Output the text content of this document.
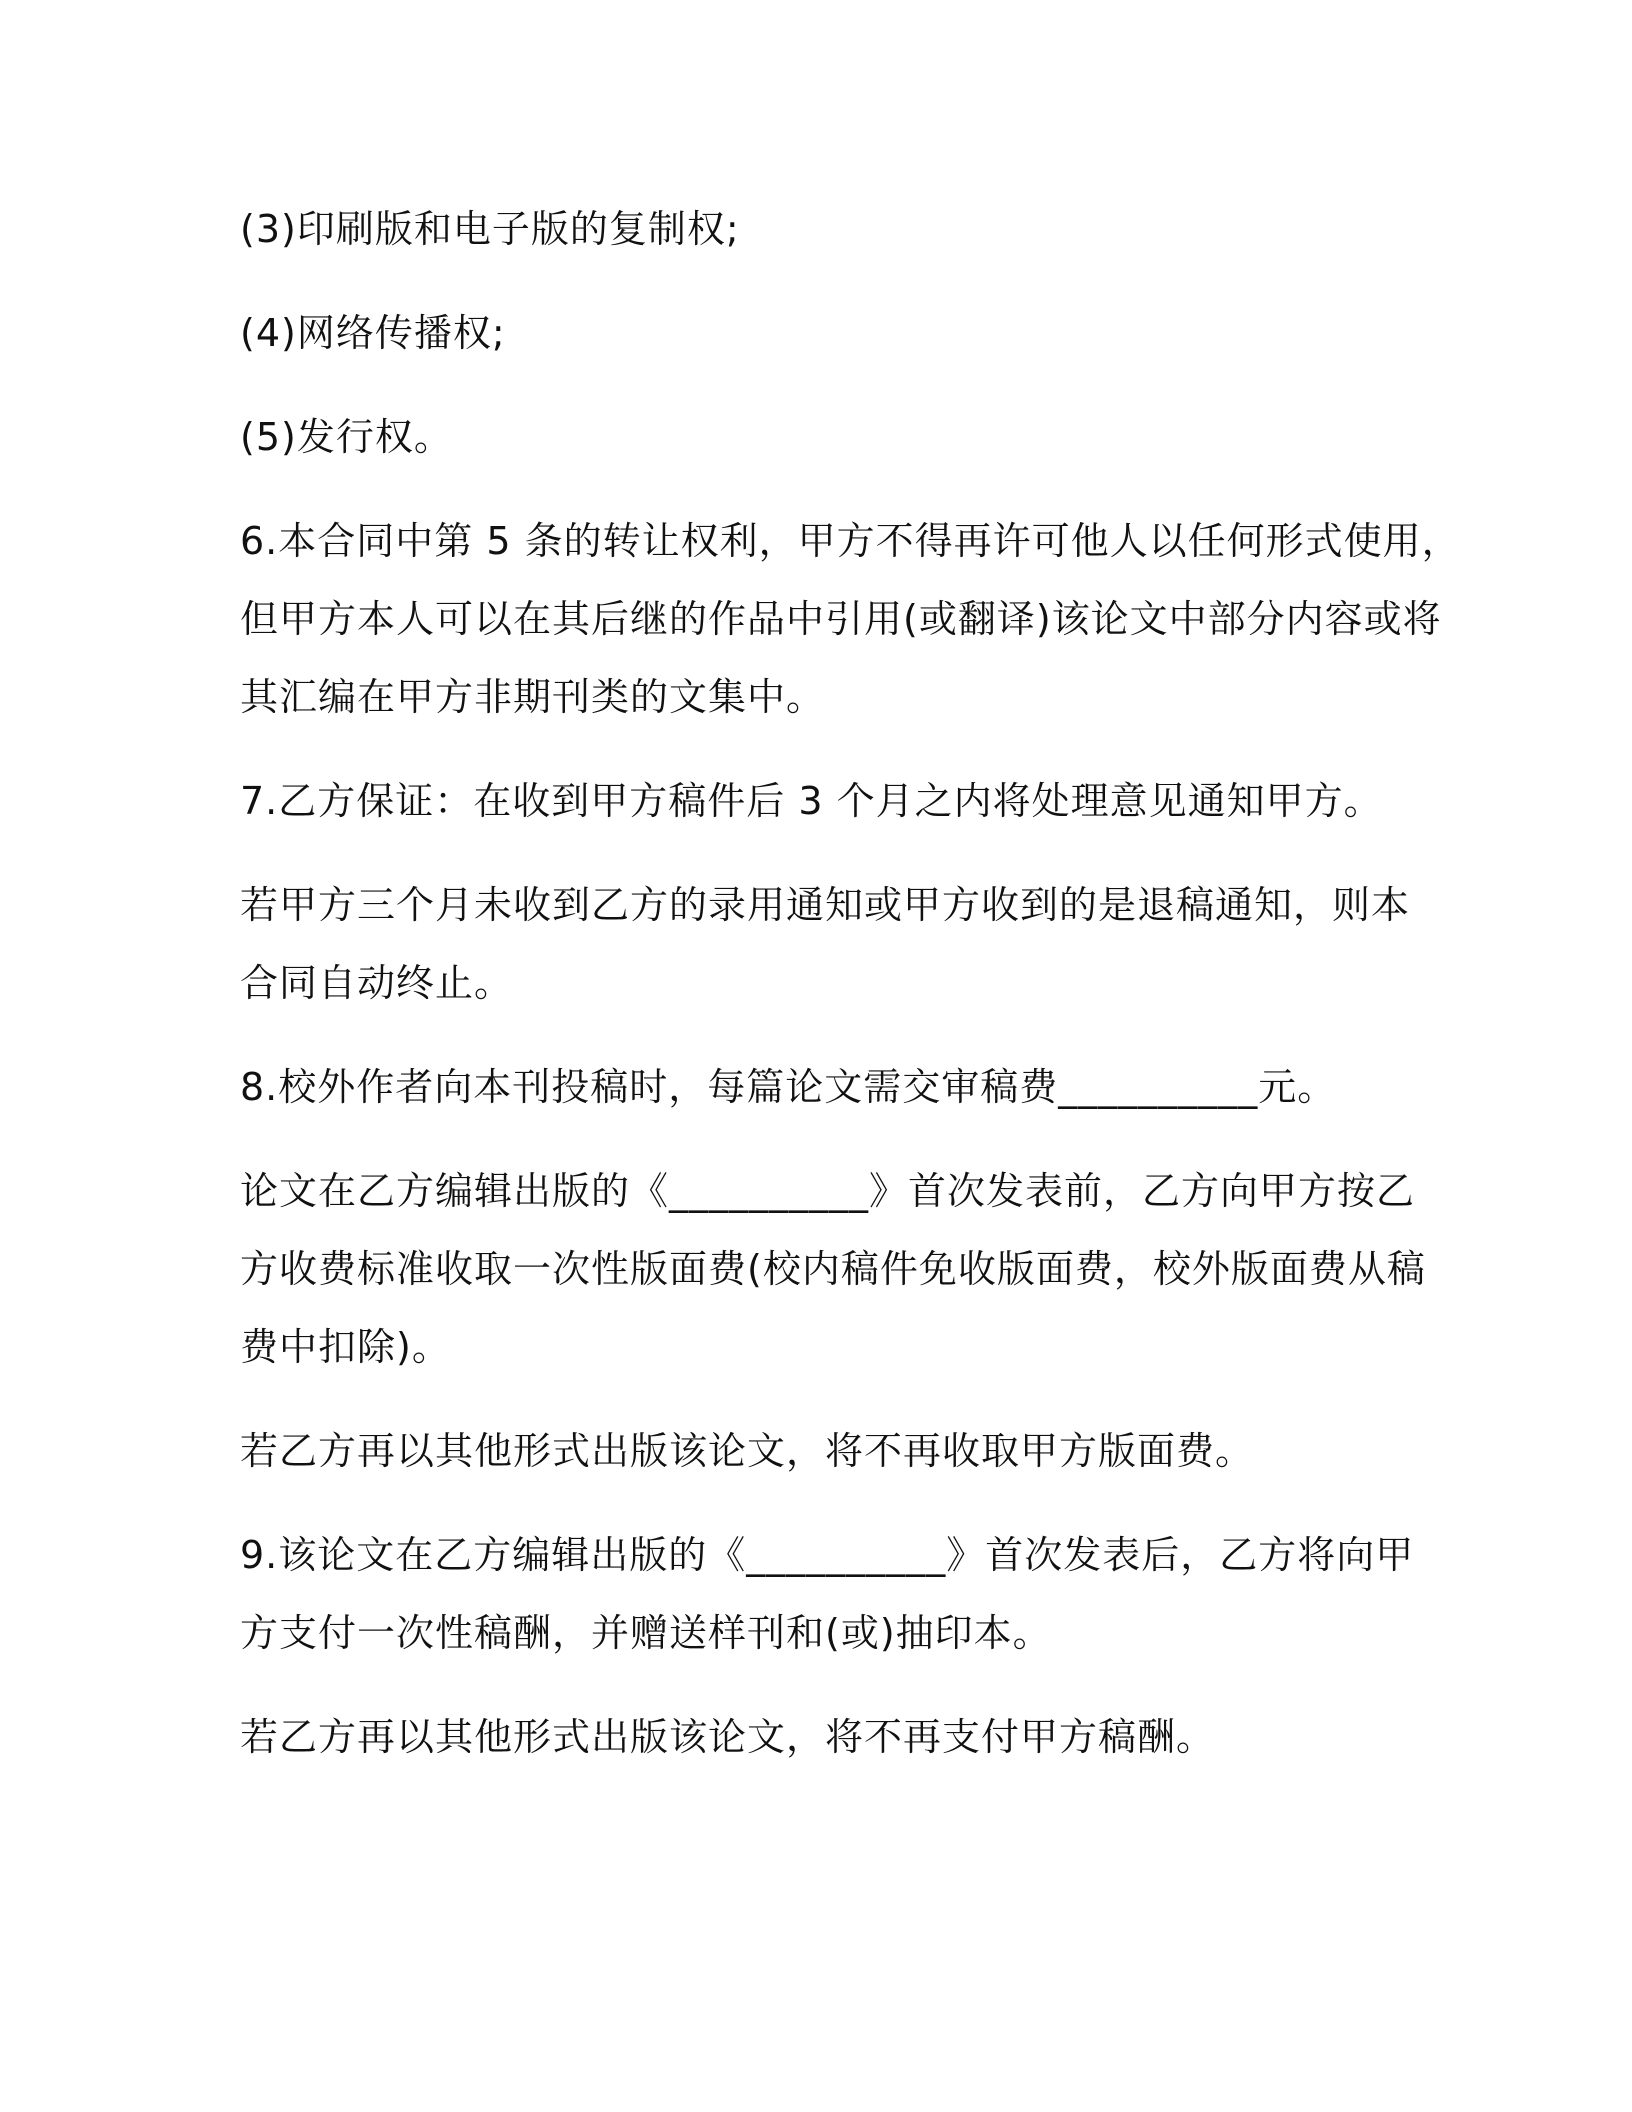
(3)印刷版和电子版的复制权;

(4)网络传播权;

(5)发行权。

6.本合同中第 5 条的转让权利，甲方不得再许可他人以任何形式使用，

但甲方本人可以在其后继的作品中引用(或翻译)该论文中部分内容或将

其汇编在甲方非期刊类的文集中。

7.乙方保证：在收到甲方稿件后 3 个月之内将处理意见通知甲方。

若甲方三个月未收到乙方的录用通知或甲方收到的是退稿通知，则本

合同自动终止。

8.校外作者向本刊投稿时，每篇论文需交审稿费__________元。

论文在乙方编辑出版的《__________》首次发表前，乙方向甲方按乙

方收费标准收取一次性版面费(校内稿件免收版面费，校外版面费从稿

费中扣除)。

若乙方再以其他形式出版该论文，将不再收取甲方版面费。

9.该论文在乙方编辑出版的《__________》首次发表后，乙方将向甲

方支付一次性稿酬，并赠送样刊和(或)抽印本。

若乙方再以其他形式出版该论文，将不再支付甲方稿酬。
